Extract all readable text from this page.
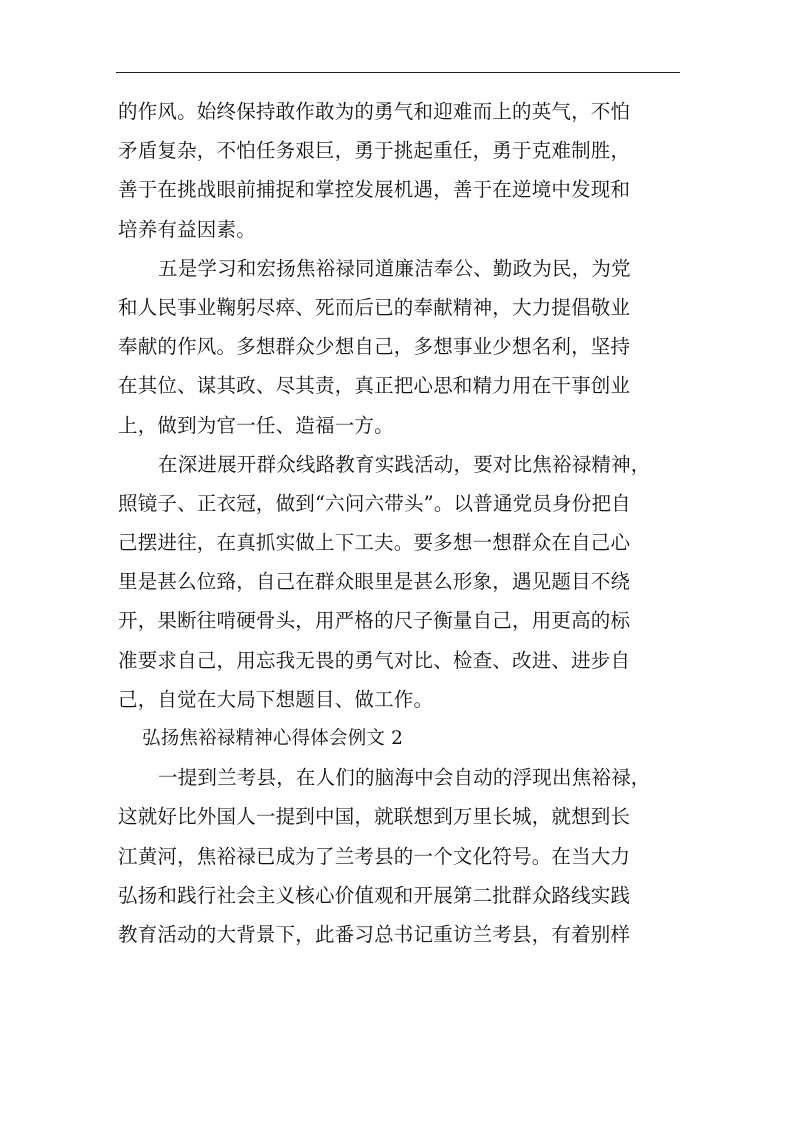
的作风。始终保持敢作敢为的勇气和迎难而上的英气，不怕
矛盾复杂，不怕任务艰巨，勇于挑起重任，勇于克难制胜，
善于在挑战眼前捕捉和掌控发展机遇，善于在逆境中发现和
培养有益因素。
五是学习和宏扬焦裕禄同道廉洁奉公、勤政为民，为党
和人民事业鞠躬尽瘁、死而后已的奉献精神，大力提倡敬业
奉献的作风。多想群众少想自己，多想事业少想名利，坚持
在其位、谋其政、尽其责，真正把心思和精力用在干事创业
上，做到为官一任、造福一方。
在深进展开群众线路教育实践活动，要对比焦裕禄精神，
照镜子、正衣冠，做到“六问六带头”。以普通党员身份把自
己摆进往，在真抓实做上下工夫。要多想一想群众在自己心
里是甚么位臵，自己在群众眼里是甚么形象，遇见题目不绕
开，果断往啃硬骨头，用严格的尺子衡量自己，用更高的标
准要求自己，用忘我无畏的勇气对比、检查、改进、进步自
己，自觉在大局下想题目、做工作。
弘扬焦裕禄精神心得体会例文 2
一提到兰考县，在人们的脑海中会自动的浮现出焦裕禄，
这就好比外国人一提到中国，就联想到万里长城，就想到长
江黄河，焦裕禄已成为了兰考县的一个文化符号。在当大力
弘扬和践行社会主义核心价值观和开展第二批群众路线实践
教育活动的大背景下，此番习总书记重访兰考县，有着别样
